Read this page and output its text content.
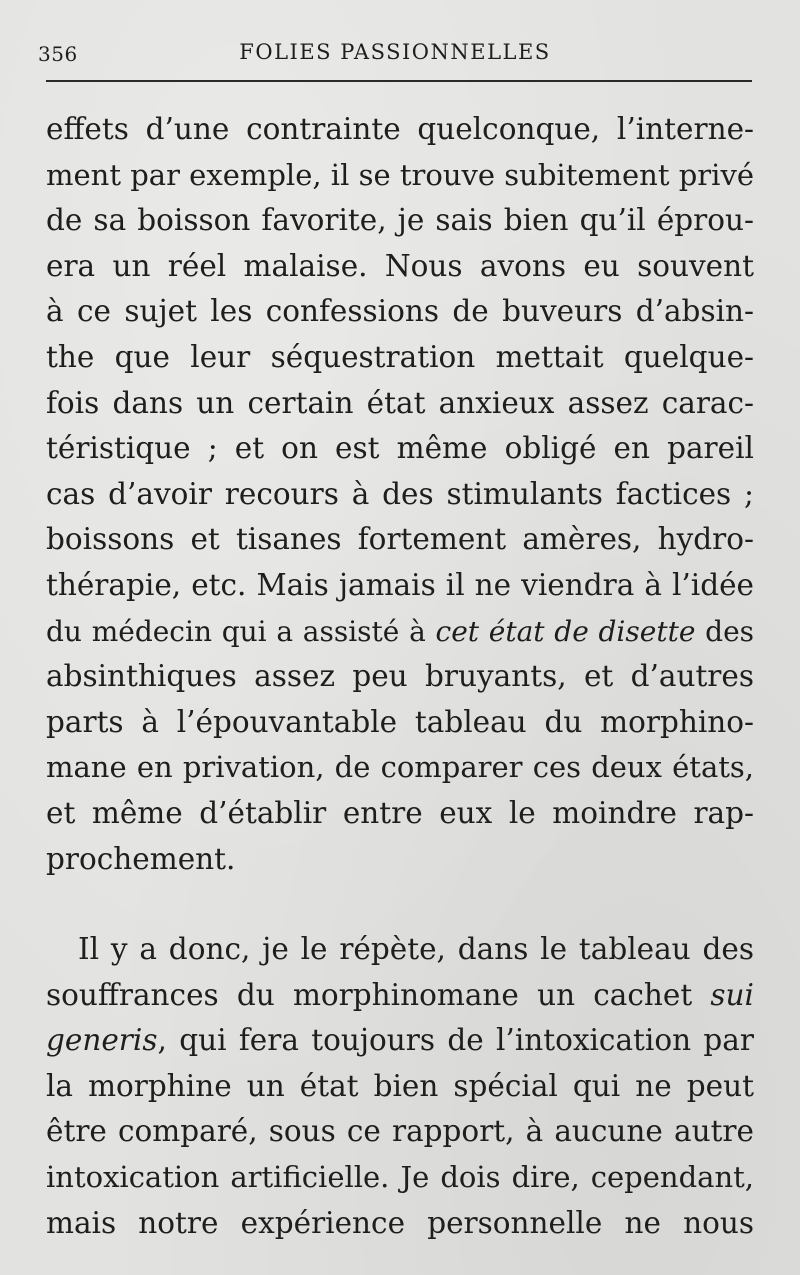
356	FOLIES PASSIONNELLES
effets d’une contrainte quelconque, l’interne-
ment par exemple, il se trouve subitement privé
de sa boisson favorite, je sais bien qu’il éprou-
era un réel malaise. Nous avons eu souvent
à ce sujet les confessions de buveurs d’absin-
the que leur séquestration mettait quelque-
fois dans un certain état anxieux assez carac-
téristique ; et on est même obligé en pareil
cas d’avoir recours à des stimulants factices ;
boissons et tisanes fortement amères, hydro-
thérapie, etc. Mais jamais il ne viendra à l’idée
du médecin qui a assisté à cet état de disette des
absinthiques assez peu bruyants, et d’autres
parts à l’épouvantable tableau du morphino-
mane en privation, de comparer ces deux états,
et même d’établir entre eux le moindre rap-
prochement.
Il y a donc, je le répète, dans le tableau des
souffrances du morphinomane un cachet sui
generis, qui fera toujours de l’intoxication par
la morphine un état bien spécial qui ne peut
être comparé, sous ce rapport, à aucune autre
intoxication artificielle. Je dois dire, cependant,
mais notre expérience personnelle ne nous
